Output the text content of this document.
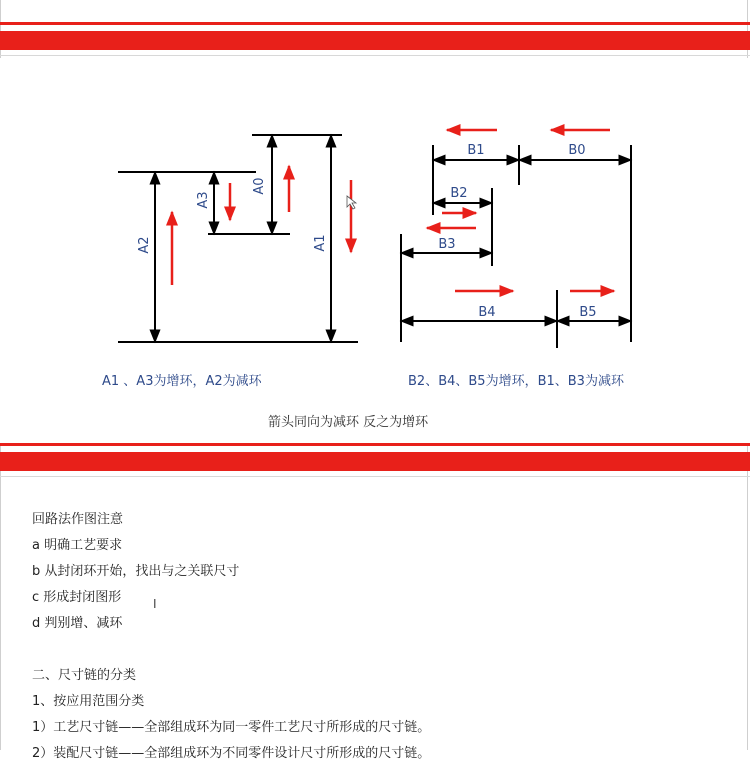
A2
A3
A0
A1
B1	B0
B2
B3
B4	B5
A1 、A3为增环，A2为减环	B2、B4、B5为增环，B1、B3为减环
箭头同向为减环 反之为增环
回路法作图注意
a 明确工艺要求
b 从封闭环开始，找出与之关联尺寸
c 形成封闭图形
d 判别增、减环
二、尺寸链的分类
1、按应用范围分类
1）工艺尺寸链——全部组成环为同一零件工艺尺寸所形成的尺寸链。
2）装配尺寸链——全部组成环为不同零件设计尺寸所形成的尺寸链。
I
